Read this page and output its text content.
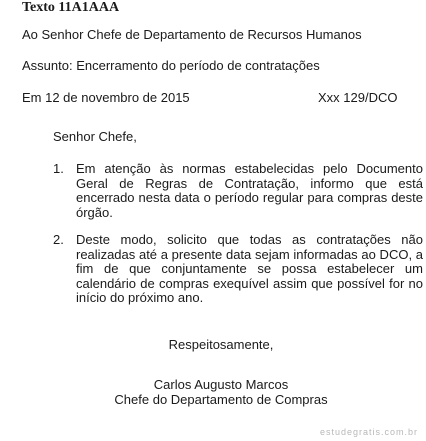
Texto 11A1AAA
Ao Senhor Chefe de Departamento de Recursos Humanos
Assunto: Encerramento do período de contratações
Em 12 de novembro de 2015	Xxx 129/DCO
Senhor Chefe,
1. Em atenção às normas estabelecidas pelo Documento Geral de Regras de Contratação, informo que está encerrado nesta data o período regular para compras deste órgão.
2. Deste modo, solicito que todas as contratações não realizadas até a presente data sejam informadas ao DCO, a fim de que conjuntamente se possa estabelecer um calendário de compras exequível assim que possível for no início do próximo ano.
Respeitosamente,
Carlos Augusto Marcos
Chefe do Departamento de Compras
estudegratis.com.br
